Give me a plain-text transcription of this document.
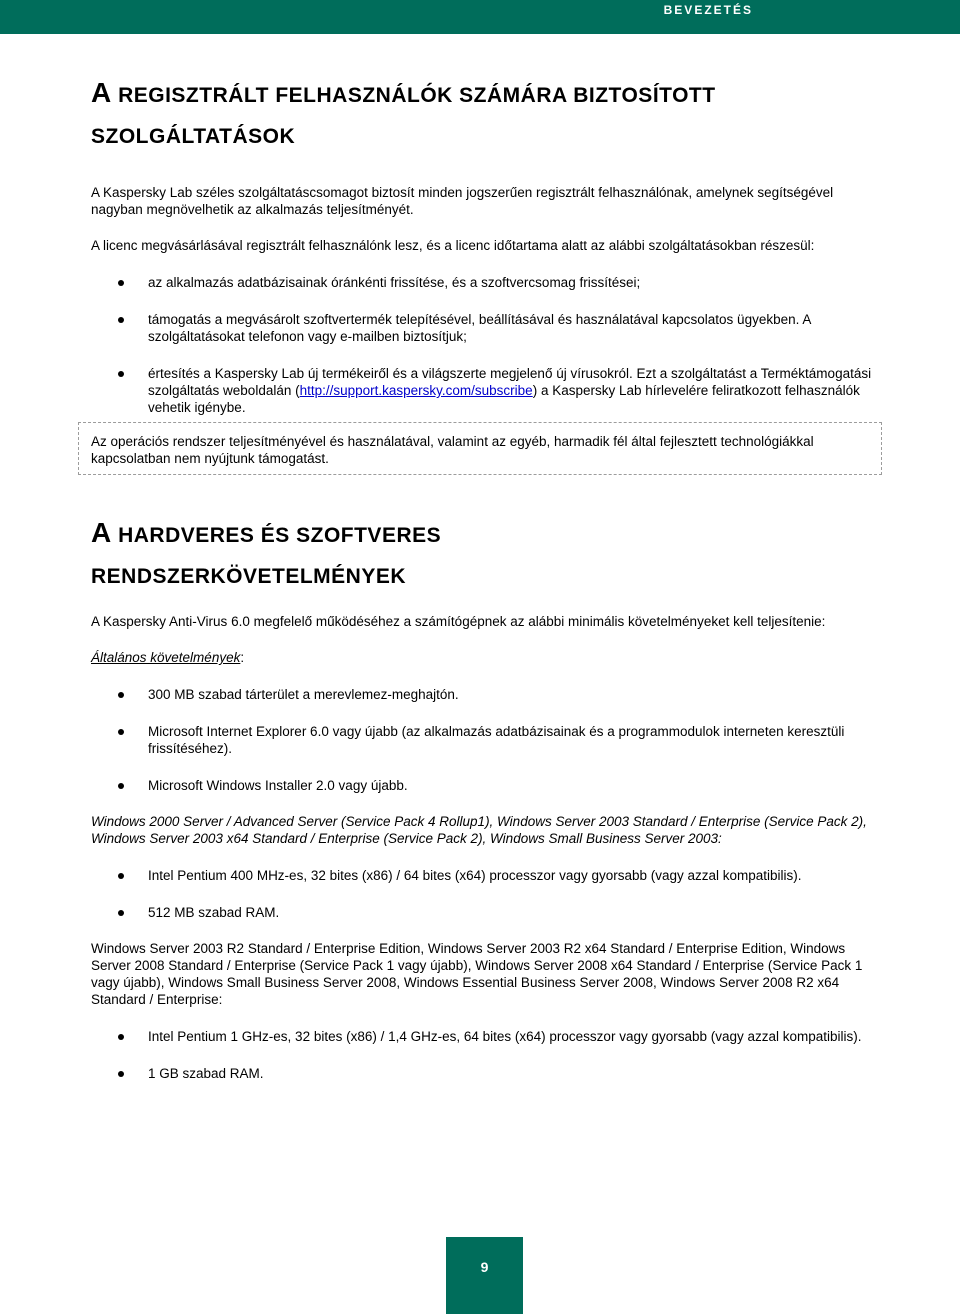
BEVEZETÉS
A REGISZTRÁLT FELHASZNÁLÓK SZÁMÁRA BIZTOSÍTOTT
SZOLGÁLTATÁSOK

A Kaspersky Lab széles szolgáltatáscsomagot biztosít minden jogszerűen regisztrált felhasználónak, amelynek segítségével nagyban megnövelhetik az alkalmazás teljesítményét.

A licenc megvásárlásával regisztrált felhasználónk lesz, és a licenc időtartama alatt az alábbi szolgáltatásokban részesül:

az alkalmazás adatbázisainak óránkénti frissítése, és a szoftvercsomag frissítései;
támogatás a megvásárolt szoftvertermék telepítésével, beállításával és használatával kapcsolatos ügyekben. A szolgáltatásokat telefonon vagy e-mailben biztosítjuk;
értesítés a Kaspersky Lab új termékeiről és a világszerte megjelenő új vírusokról. Ezt a szolgáltatást a Terméktámogatási szolgáltatás weboldalán (http://support.kaspersky.com/subscribe) a Kaspersky Lab hírlevelére feliratkozott felhasználók vehetik igénybe.

Az operációs rendszer teljesítményével és használatával, valamint az egyéb, harmadik fél által fejlesztett technológiákkal kapcsolatban nem nyújtunk támogatást.

A HARDVERES ÉS SZOFTVERES
RENDSZERKÖVETELMÉNYEK

A Kaspersky Anti-Virus 6.0 megfelelő működéséhez a számítógépnek az alábbi minimális követelményeket kell teljesítenie:

Általános követelmények:

300 MB szabad tárterület a merevlemez-meghajtón.
Microsoft Internet Explorer 6.0 vagy újabb (az alkalmazás adatbázisainak és a programmodulok interneten keresztüli frissítéséhez).
Microsoft Windows Installer 2.0 vagy újabb.

Windows 2000 Server / Advanced Server (Service Pack 4 Rollup1), Windows Server 2003 Standard / Enterprise (Service Pack 2), Windows Server 2003 x64 Standard / Enterprise (Service Pack 2), Windows Small Business Server 2003:

Intel Pentium 400 MHz-es, 32 bites (x86) / 64 bites (x64) processzor vagy gyorsabb (vagy azzal kompatibilis).
512 MB szabad RAM.

Windows Server 2003 R2 Standard / Enterprise Edition, Windows Server 2003 R2 x64 Standard / Enterprise Edition, Windows Server 2008 Standard / Enterprise (Service Pack 1 vagy újabb), Windows Server 2008 x64 Standard / Enterprise (Service Pack 1 vagy újabb), Windows Small Business Server 2008, Windows Essential Business Server 2008, Windows Server 2008 R2 x64 Standard / Enterprise:

Intel Pentium 1 GHz-es, 32 bites (x86) / 1,4 GHz-es, 64 bites (x64) processzor vagy gyorsabb (vagy azzal kompatibilis).
1 GB szabad RAM.
9
